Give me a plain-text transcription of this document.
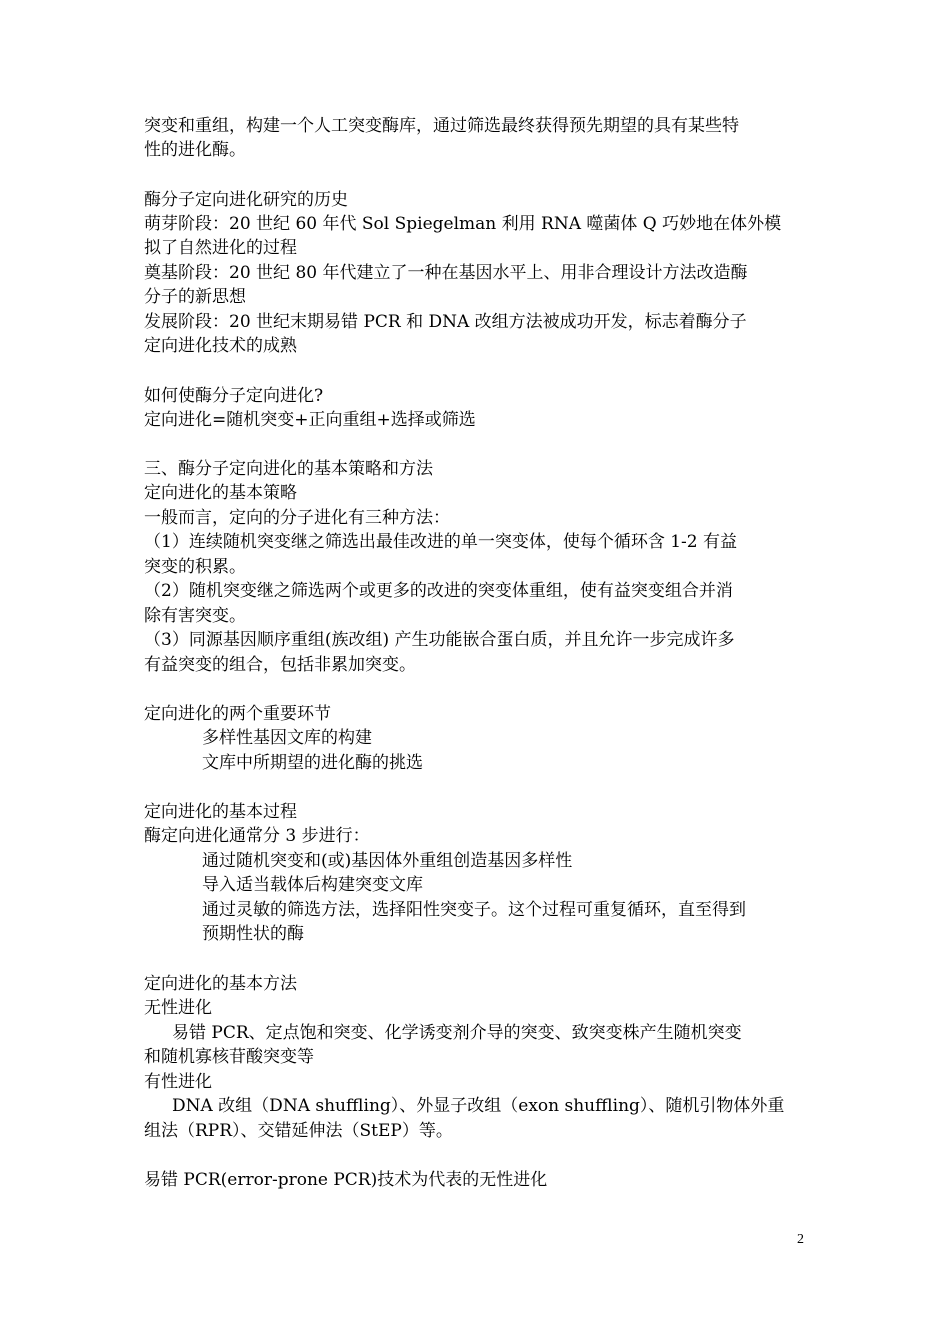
突变和重组，构建一个人工突变酶库，通过筛选最终获得预先期望的具有某些特
性的进化酶。
酶分子定向进化研究的历史
萌芽阶段：20 世纪 60 年代 Sol Spiegelman 利用 RNA 噬菌体 Q 巧妙地在体外模
拟了自然进化的过程
奠基阶段：20 世纪 80 年代建立了一种在基因水平上、用非合理设计方法改造酶
分子的新思想
发展阶段：20 世纪末期易错 PCR 和 DNA 改组方法被成功开发，标志着酶分子
定向进化技术的成熟
如何使酶分子定向进化?
定向进化=随机突变+正向重组+选择或筛选
三、酶分子定向进化的基本策略和方法
定向进化的基本策略
一般而言，定向的分子进化有三种方法：
（1）连续随机突变继之筛选出最佳改进的单一突变体，使每个循环含 1-2 有益
突变的积累。
（2）随机突变继之筛选两个或更多的改进的突变体重组，使有益突变组合并消
除有害突变。
（3）同源基因顺序重组(族改组) 产生功能嵌合蛋白质，并且允许一步完成许多
有益突变的组合，包括非累加突变。
定向进化的两个重要环节
多样性基因文库的构建
文库中所期望的进化酶的挑选
定向进化的基本过程
酶定向进化通常分 3 步进行：
通过随机突变和(或)基因体外重组创造基因多样性
导入适当载体后构建突变文库
通过灵敏的筛选方法，选择阳性突变子。这个过程可重复循环，直至得到
预期性状的酶
定向进化的基本方法
无性进化
易错 PCR、定点饱和突变、化学诱变剂介导的突变、致突变株产生随机突变
和随机寡核苷酸突变等
有性进化
DNA 改组（DNA shuffling）、外显子改组（exon shuffling）、随机引物体外重
组法（RPR）、交错延伸法（StEP）等。
易错 PCR(error-prone PCR)技术为代表的无性进化
2
